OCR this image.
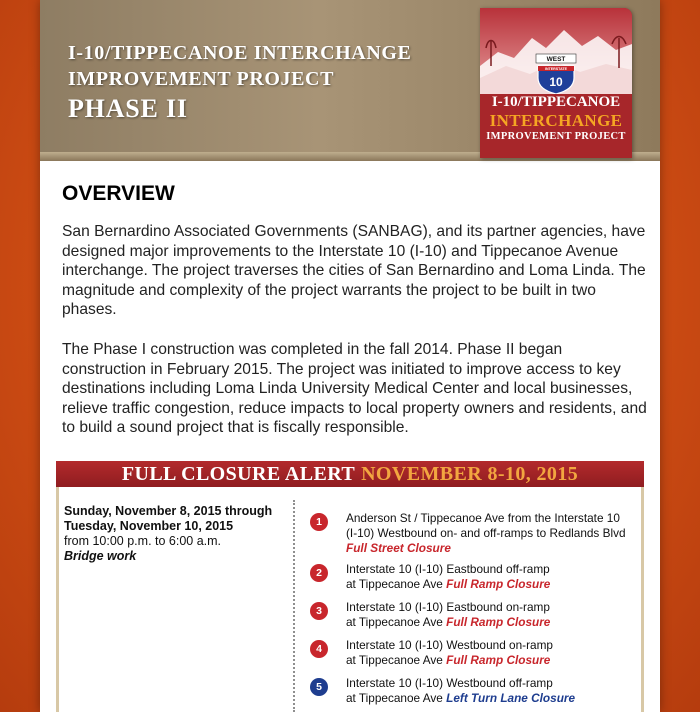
I-10/TIPPECANOE INTERCHANGE
IMPROVEMENT PROJECT
PHASE II
WEST
INTERSTATE
10
I-10/TIPPECANOE
INTERCHANGE
IMPROVEMENT PROJECT
OVERVIEW

San Bernardino Associated Governments (SANBAG), and its partner agencies, have designed major improvements to the Interstate 10 (I-10) and Tippecanoe Avenue interchange. The project traverses the cities of San Bernardino and Loma Linda. The magnitude and complexity of the project warrants the project to be built in two phases.

The Phase I construction was completed in the fall 2014. Phase II began construction in February 2015. The project was initiated to improve access to key destinations including Loma Linda University Medical Center and local businesses, relieve traffic congestion, reduce impacts to local property owners and residents, and to build a sound project that is fiscally responsible.

FULL CLOSURE ALERT NOVEMBER 8-10, 2015
Sunday, November 8, 2015 through
Tuesday, November 10, 2015
from 10:00 p.m. to 6:00 a.m.
Bridge work
1	Anderson St / Tippecanoe Ave from the Interstate 10
(I-10) Westbound on- and off-ramps to Redlands Blvd
Full Street Closure
2	Interstate 10 (I-10) Eastbound off-ramp
at Tippecanoe Ave Full Ramp Closure
3	Interstate 10 (I-10) Eastbound on-ramp
at Tippecanoe Ave Full Ramp Closure
4	Interstate 10 (I-10) Westbound on-ramp
at Tippecanoe Ave Full Ramp Closure
5	Interstate 10 (I-10) Westbound off-ramp
at Tippecanoe Ave Left Turn Lane Closure
